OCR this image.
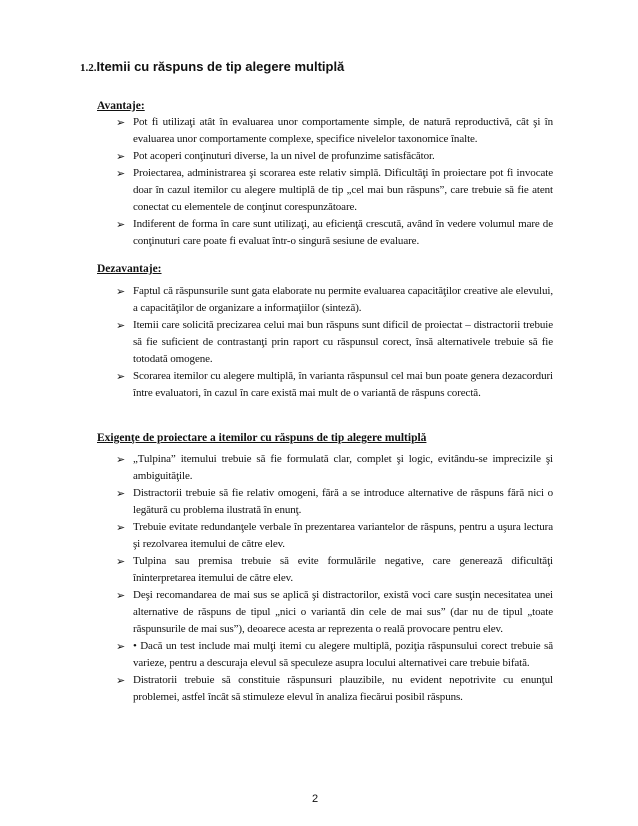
1.2.Itemii cu răspuns de tip alegere multiplă
Avantaje:
➢ Pot fi utilizaţi atât în evaluarea unor comportamente simple, de natură reproductivă, cât şi în evaluarea unor comportamente complexe, specifice nivelelor taxonomice înalte.
➢ Pot acoperi conţinuturi diverse, la un nivel de profunzime satisfăcător.
➢ Proiectarea, administrarea şi scorarea este relativ simplă. Dificultăţi în proiectare pot fi invocate doar în cazul itemilor cu alegere multiplă de tip „cel mai bun răspuns”, care trebuie să fie atent conectat cu elementele de conţinut corespunzătoare.
➢ Indiferent de forma în care sunt utilizaţi, au eficienţă crescută, având în vedere volumul mare de conţinuturi care poate fi evaluat într-o singură sesiune de evaluare.
Dezavantaje:
➢ Faptul că răspunsurile sunt gata elaborate nu permite evaluarea capacităţilor creative ale elevului, a capacităţilor de organizare a informaţiilor (sinteză).
➢ Itemii care solicită precizarea celui mai bun răspuns sunt dificil de proiectat – distractorii trebuie să fie suficient de contrastanţi prin raport cu răspunsul corect, însă alternativele trebuie să fie totodată omogene.
➢ Scorarea itemilor cu alegere multiplă, în varianta răspunsul cel mai bun poate genera dezacorduri între evaluatori, în cazul în care există mai mult de o variantă de răspuns corectă.
Exigenţe de proiectare a itemilor cu răspuns de tip alegere multiplă
➢ „Tulpina” itemului trebuie să fie formulată clar, complet şi logic, evitându-se imprecizile şi ambiguităţile.
➢ Distractorii trebuie să fie relativ omogeni, fără a se introduce alternative de răspuns fără nici o legătură cu problema ilustrată în enunţ.
➢ Trebuie evitate redundanţele verbale în prezentarea variantelor de răspuns, pentru a uşura lectura şi rezolvarea itemului de către elev.
➢ Tulpina sau premisa trebuie să evite formulările negative, care generează dificultăţi îninterpretarea itemului de către elev.
➢ Deşi recomandarea de mai sus se aplică şi distractorilor, există voci care susţin necesitatea unei alternative de răspuns de tipul „nici o variantă din cele de mai sus” (dar nu de tipul „toate răspunsurile de mai sus”), deoarece acesta ar reprezenta o reală provocare pentru elev.
➢ • Dacă un test include mai mulţi itemi cu alegere multiplă, poziţia răspunsului corect trebuie să varieze, pentru a descuraja elevul să speculeze asupra locului alternativei care trebuie bifată.
➢ Distratorii trebuie să constituie răspunsuri plauzibile, nu evident nepotrivite cu enunţul problemei, astfel încât să stimuleze elevul în analiza fiecărui posibil răspuns.
2
